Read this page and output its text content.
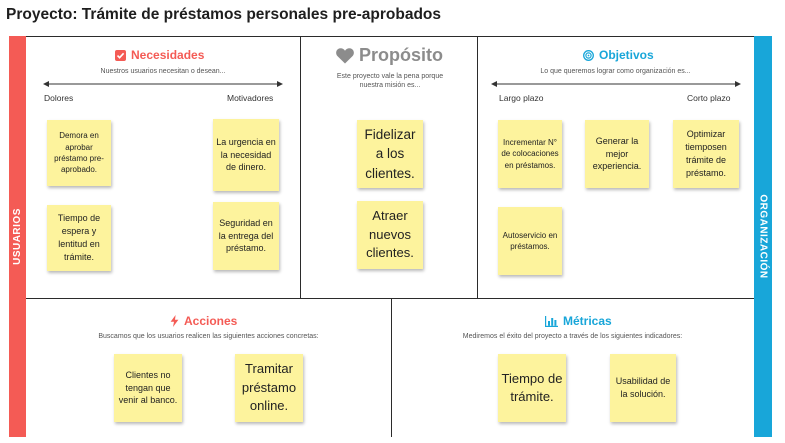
Proyecto: Trámite de préstamos personales pre-aprobados
USUARIOS	ORGANIZACIÓN
Necesidades
Nuestros usuarios necesitan o desean...
Dolores	Motivadores
Demora en aprobar préstamo pre-aprobado.
La urgencia en la necesidad de dinero.
Tiempo de espera y lentitud en trámite.
Seguridad en la entrega del préstamo.
Propósito
Este proyecto vale la pena porque nuestra misión es...
Fidelizar a los clientes.
Atraer nuevos clientes.
Objetivos
Lo que queremos lograr como organización es...
Largo plazo	Corto plazo
Incrementar N° de colocaciones en préstamos.
Generar la mejor experiencia.
Optimizar tiemposen trámite de préstamo.
Autoservicio en préstamos.
Acciones
Buscamos que los usuarios realicen las siguientes acciones concretas:
Clientes no tengan que venir al banco.
Tramitar préstamo online.
Métricas
Mediremos el éxito del proyecto a través de los siguientes indicadores:
Tiempo de trámite.
Usabilidad de la solución.
